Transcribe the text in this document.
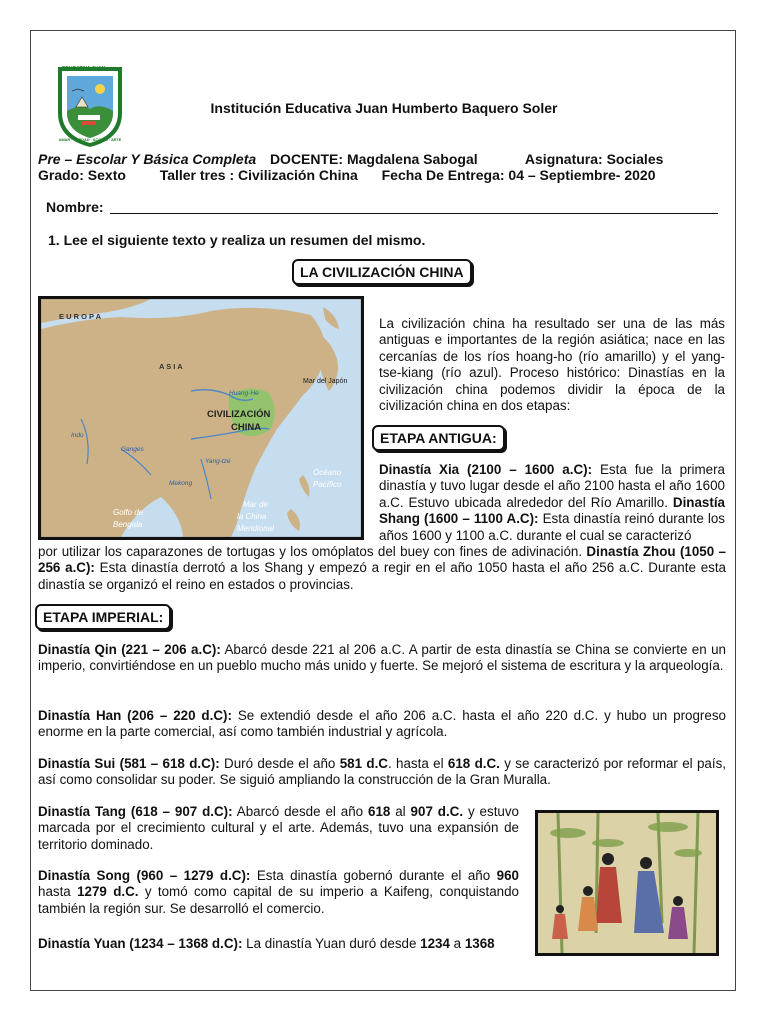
EDUCATIVA JUAN
AMAR · VERDAD · ACCIÓN · ARTE
Institución Educativa Juan Humberto Baquero Soler
Pre – Escolar Y Básica Completa DOCENTE: Magdalena Sabogal	Asignatura: Sociales
Grado: Sexto Taller tres : Civilización China Fecha De Entrega: 04 – Septiembre- 2020
Nombre:
1. Lee el siguiente texto y realiza un resumen del mismo.
LA CIVILIZACIÓN CHINA
E U R O P A
A S I A
Huang-He
Mar del Japón
CIVILIZACIÓN
CHINA
Indo
Ganges
Yang-tzé
Mekong
Océano
Pacífico
Golfo de
Bengala
Mar de
la China
Meridional
La civilización china ha resultado ser una de las más antiguas e importantes de la región asiática; nace en las cercanías de los ríos hoang-ho (río amarillo) y el yang-tse-kiang (río azul). Proceso histórico: Dinastías en la civilización china podemos dividir la época de la civilización china en dos etapas:
ETAPA ANTIGUA:
Dinastía Xia (2100 – 1600 a.C): Esta fue la primera dinastía y tuvo lugar desde el año 2100 hasta el año 1600 a.C. Estuvo ubicada alrededor del Río Amarillo. Dinastía Shang (1600 – 1100 A.C): Esta dinastía reinó durante los años 1600 y 1100 a.C. durante el cual se caracterizó
por utilizar los caparazones de tortugas y los omóplatos del buey con fines de adivinación. Dinastía Zhou (1050 – 256 a.C): Esta dinastía derrotó a los Shang y empezó a regir en el año 1050 hasta el año 256 a.C. Durante esta dinastía se organizó el reino en estados o provincias.
ETAPA IMPERIAL:
Dinastía Qin (221 – 206 a.C): Abarcó desde 221 al 206 a.C. A partir de esta dinastía se China se convierte en un imperio, convirtiéndose en un pueblo mucho más unido y fuerte. Se mejoró el sistema de escritura y la arqueología.
Dinastía Han (206 – 220 d.C): Se extendió desde el año 206 a.C. hasta el año 220 d.C. y hubo un progreso enorme en la parte comercial, así como también industrial y agrícola.
Dinastía Sui (581 – 618 d.C): Duró desde el año 581 d.C. hasta el 618 d.C. y se caracterizó por reformar el país, así como consolidar su poder. Se siguió ampliando la construcción de la Gran Muralla.
Dinastía Tang (618 – 907 d.C): Abarcó desde el año 618 al 907 d.C. y estuvo marcada por el crecimiento cultural y el arte. Además, tuvo una expansión de territorio dominado.
Dinastía Song (960 – 1279 d.C): Esta dinastía gobernó durante el año 960 hasta 1279 d.C. y tomó como capital de su imperio a Kaifeng, conquistando también la región sur. Se desarrolló el comercio.
Dinastía Yuan (1234 – 1368 d.C): La dinastía Yuan duró desde 1234 a 1368
